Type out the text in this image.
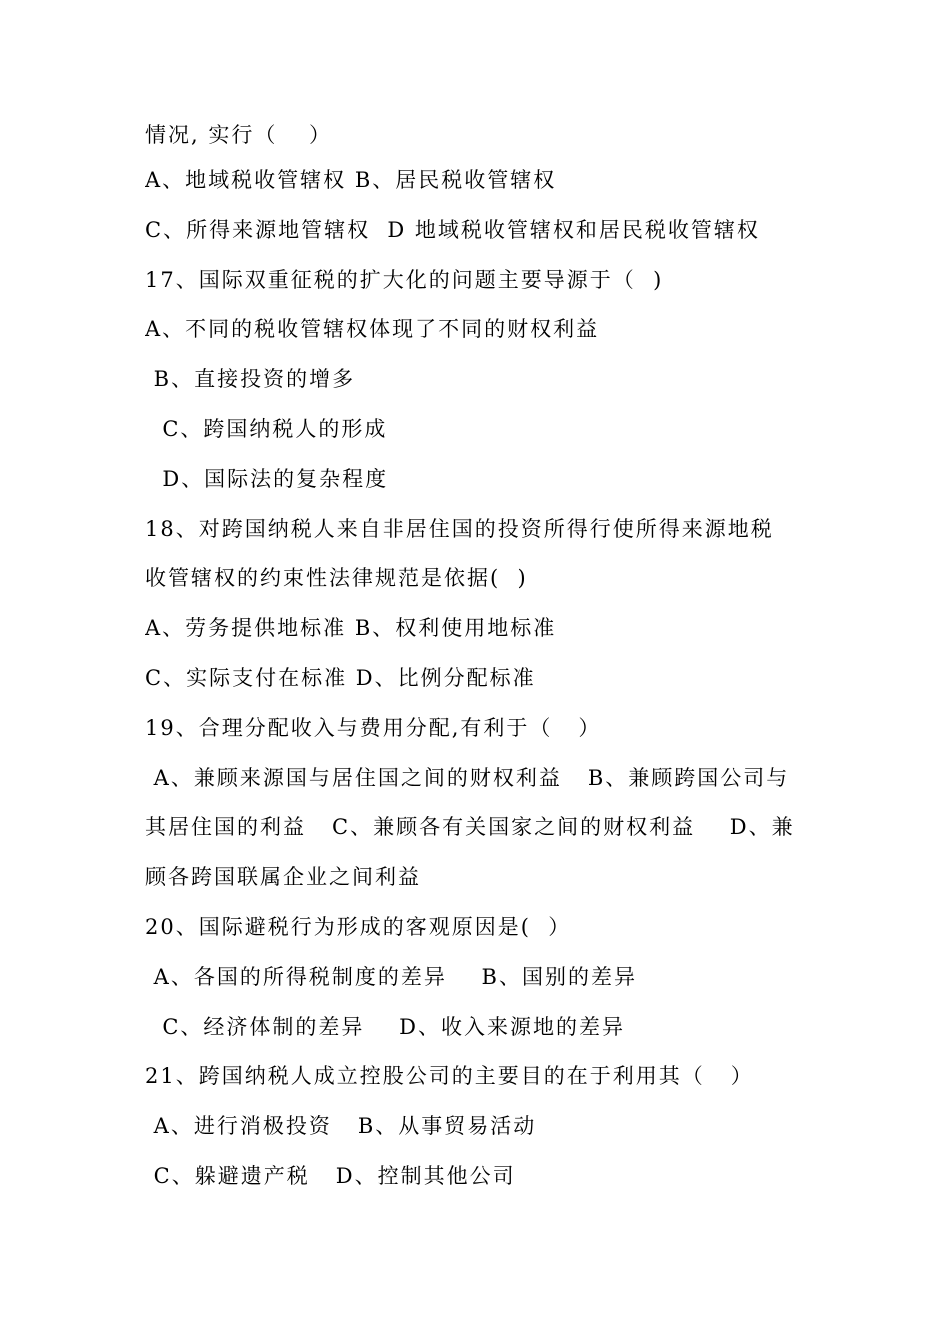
情况, 实行（　 ）
A、地域税收管辖权 B、居民税收管辖权
C、所得来源地管辖权  D 地域税收管辖权和居民税收管辖权
17、国际双重征税的扩大化的问题主要导源于（  )
A、不同的税收管辖权体现了不同的财权利益
B、直接投资的增多
C、跨国纳税人的形成
D、国际法的复杂程度
18、对跨国纳税人来自非居住国的投资所得行使所得来源地税
收管辖权的约束性法律规范是依据(  )
A、劳务提供地标准 B、权利使用地标准
C、实际支付在标准 D、比例分配标准
19、合理分配收入与费用分配,有利于（   ）
A、兼顾来源国与居住国之间的财权利益   B、兼顾跨国公司与
其居住国的利益   C、兼顾各有关国家之间的财权利益    D、兼
顾各跨国联属企业之间利益
20、国际避税行为形成的客观原因是(  ）
A、各国的所得税制度的差异    B、国别的差异
C、经济体制的差异    D、收入来源地的差异
21、跨国纳税人成立控股公司的主要目的在于利用其（   ）
A、进行消极投资   B、从事贸易活动
C、躲避遗产税   D、控制其他公司
